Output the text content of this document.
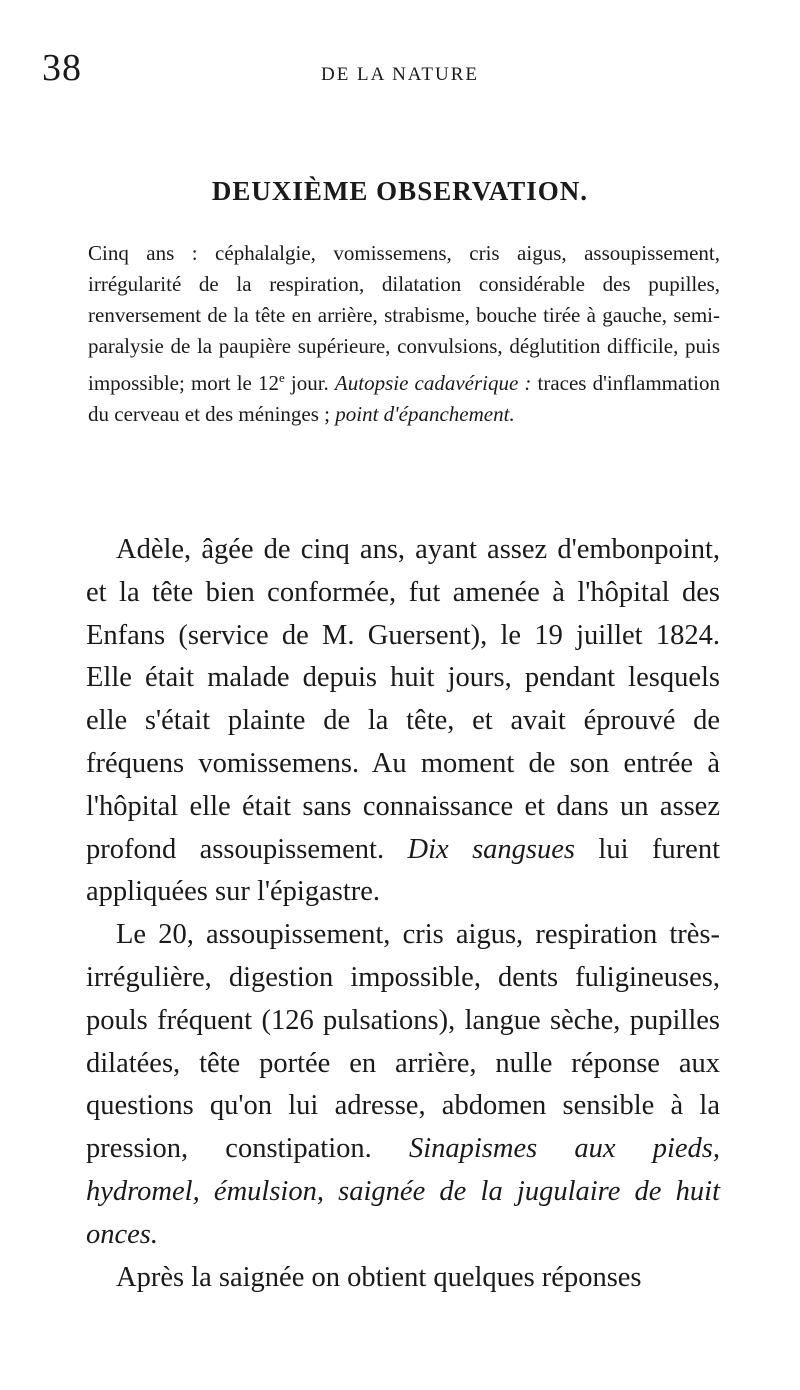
38	DE LA NATURE
DEUXIÈME OBSERVATION.

Cinq ans : céphalalgie, vomissemens, cris aigus, assoupissement, irrégularité de la respiration, dilatation considérable des pupilles, renversement de la tête en arrière, strabisme, bouche tirée à gauche, semi-paralysie de la paupière supérieure, convulsions, déglutition difficile, puis impossible; mort le 12e jour. Autopsie cadavérique : traces d'inflammation du cerveau et des méninges ; point d'épanchement.

Adèle, âgée de cinq ans, ayant assez d'embonpoint, et la tête bien conformée, fut amenée à l'hôpital des Enfans (service de M. Guersent), le 19 juillet 1824. Elle était malade depuis huit jours, pendant lesquels elle s'était plainte de la tête, et avait éprouvé de fréquens vomissemens. Au moment de son entrée à l'hôpital elle était sans connaissance et dans un assez profond assoupissement. Dix sangsues lui furent appliquées sur l'épigastre.

Le 20, assoupissement, cris aigus, respiration très-irrégulière, digestion impossible, dents fuligineuses, pouls fréquent (126 pulsations), langue sèche, pupilles dilatées, tête portée en arrière, nulle réponse aux questions qu'on lui adresse, abdomen sensible à la pression, constipation. Sinapismes aux pieds, hydromel, émulsion, saignée de la jugulaire de huit onces.

Après la saignée on obtient quelques réponses
